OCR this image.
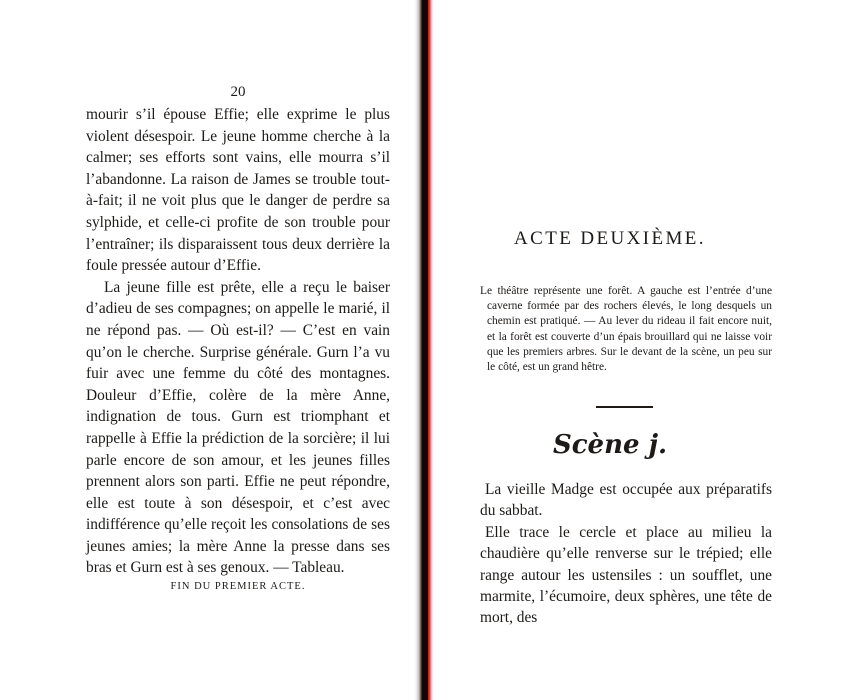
20

mourir s’il épouse Effie; elle exprime le plus violent désespoir. Le jeune homme cherche à la calmer; ses efforts sont vains, elle mourra s’il l’abandonne. La raison de James se trouble tout-à-fait; il ne voit plus que le danger de perdre sa sylphide, et celle-ci profite de son trouble pour l’entraîner; ils disparaissent tous deux derrière la foule pressée autour d’Effie.

La jeune fille est prête, elle a reçu le baiser d’adieu de ses compagnes; on appelle le marié, il ne répond pas. — Où est-il? — C’est en vain qu’on le cherche. Surprise générale. Gurn l’a vu fuir avec une femme du côté des montagnes. Douleur d’Effie, colère de la mère Anne, indignation de tous. Gurn est triomphant et rappelle à Effie la prédiction de la sorcière; il lui parle encore de son amour, et les jeunes filles prennent alors son parti. Effie ne peut répondre, elle est toute à son désespoir, et c’est avec indifférence qu’elle reçoit les consolations de ses jeunes amies; la mère Anne la presse dans ses bras et Gurn est à ses genoux. — Tableau.

FIN DU PREMIER ACTE.
ACTE DEUXIÈME.
Le théâtre représente une forêt. A gauche est l’entrée d’une caverne formée par des rochers élevés, le long desquels un chemin est pratiqué. — Au lever du rideau il fait encore nuit, et la forêt est couverte d’un épais brouillard qui ne laisse voir que les premiers arbres. Sur le devant de la scène, un peu sur le côté, est un grand hêtre.
Scène j.

La vieille Madge est occupée aux préparatifs du sabbat.

Elle trace le cercle et place au milieu la chaudière qu’elle renverse sur le trépied; elle range autour les ustensiles : un soufflet, une marmite, l’écumoire, deux sphères, une tête de mort, des
